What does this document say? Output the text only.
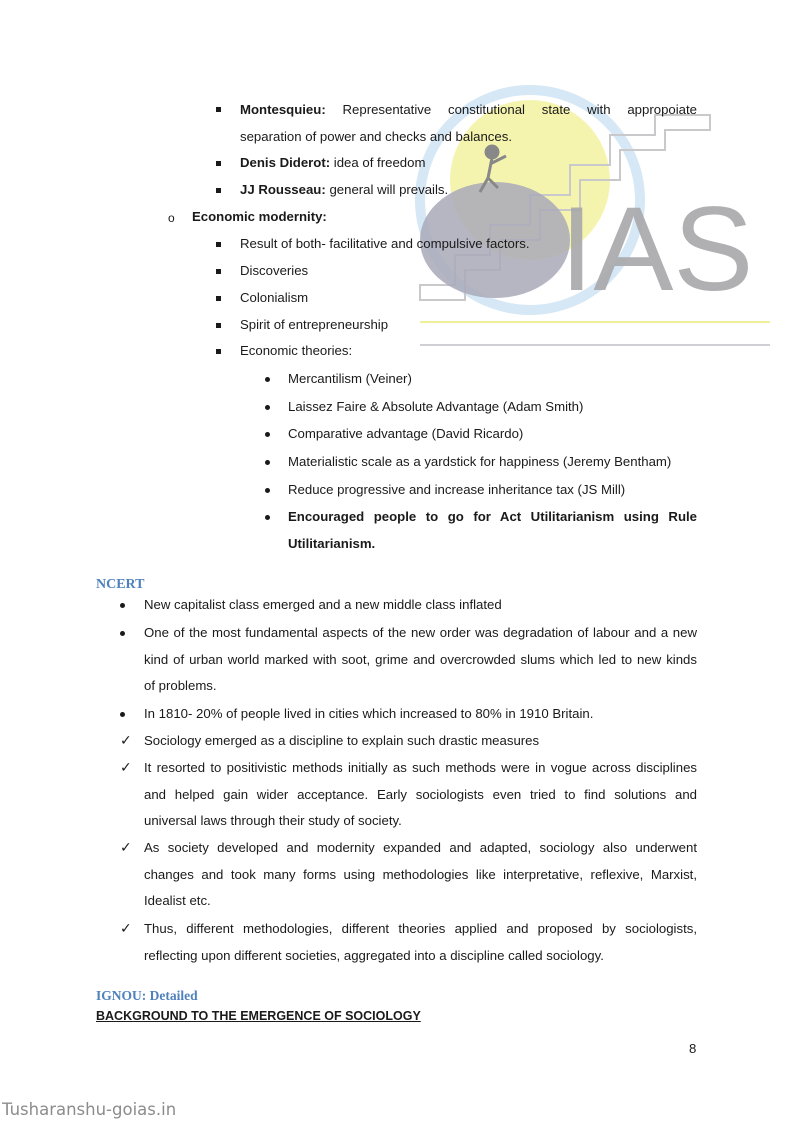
IAS
Montesquieu: Representative constitutional state with appropoiate
separation of power and checks and balances.
Denis Diderot: idea of freedom
JJ Rousseau: general will prevails.
o Economic modernity:
Result of both- facilitative and compulsive factors.
Discoveries
Colonialism
Spirit of entrepreneurship
Economic theories:
Mercantilism (Veiner)
Laissez Faire & Absolute Advantage (Adam Smith)
Comparative advantage (David Ricardo)
Materialistic scale as a yardstick for happiness (Jeremy Bentham)
Reduce progressive and increase inheritance tax (JS Mill)
Encouraged people to go for Act Utilitarianism using Rule
Utilitarianism.
NCERT
New capitalist class emerged and a new middle class inflated
One of the most fundamental aspects of the new order was degradation of labour and a new
kind of urban world marked with soot, grime and overcrowded slums which led to new kinds
of problems.
In 1810- 20% of people lived in cities which increased to 80% in 1910 Britain.
✓ Sociology emerged as a discipline to explain such drastic measures
✓ It resorted to positivistic methods initially as such methods were in vogue across disciplines
and helped gain wider acceptance. Early sociologists even tried to find solutions and
universal laws through their study of society.
✓ As society developed and modernity expanded and adapted, sociology also underwent
changes and took many forms using methodologies like interpretative, reflexive, Marxist,
Idealist etc.
✓ Thus, different methodologies, different theories applied and proposed by sociologists,
reflecting upon different societies, aggregated into a discipline called sociology.
IGNOU: Detailed
BACKGROUND TO THE EMERGENCE OF SOCIOLOGY
8
Tusharanshu-goias.in
